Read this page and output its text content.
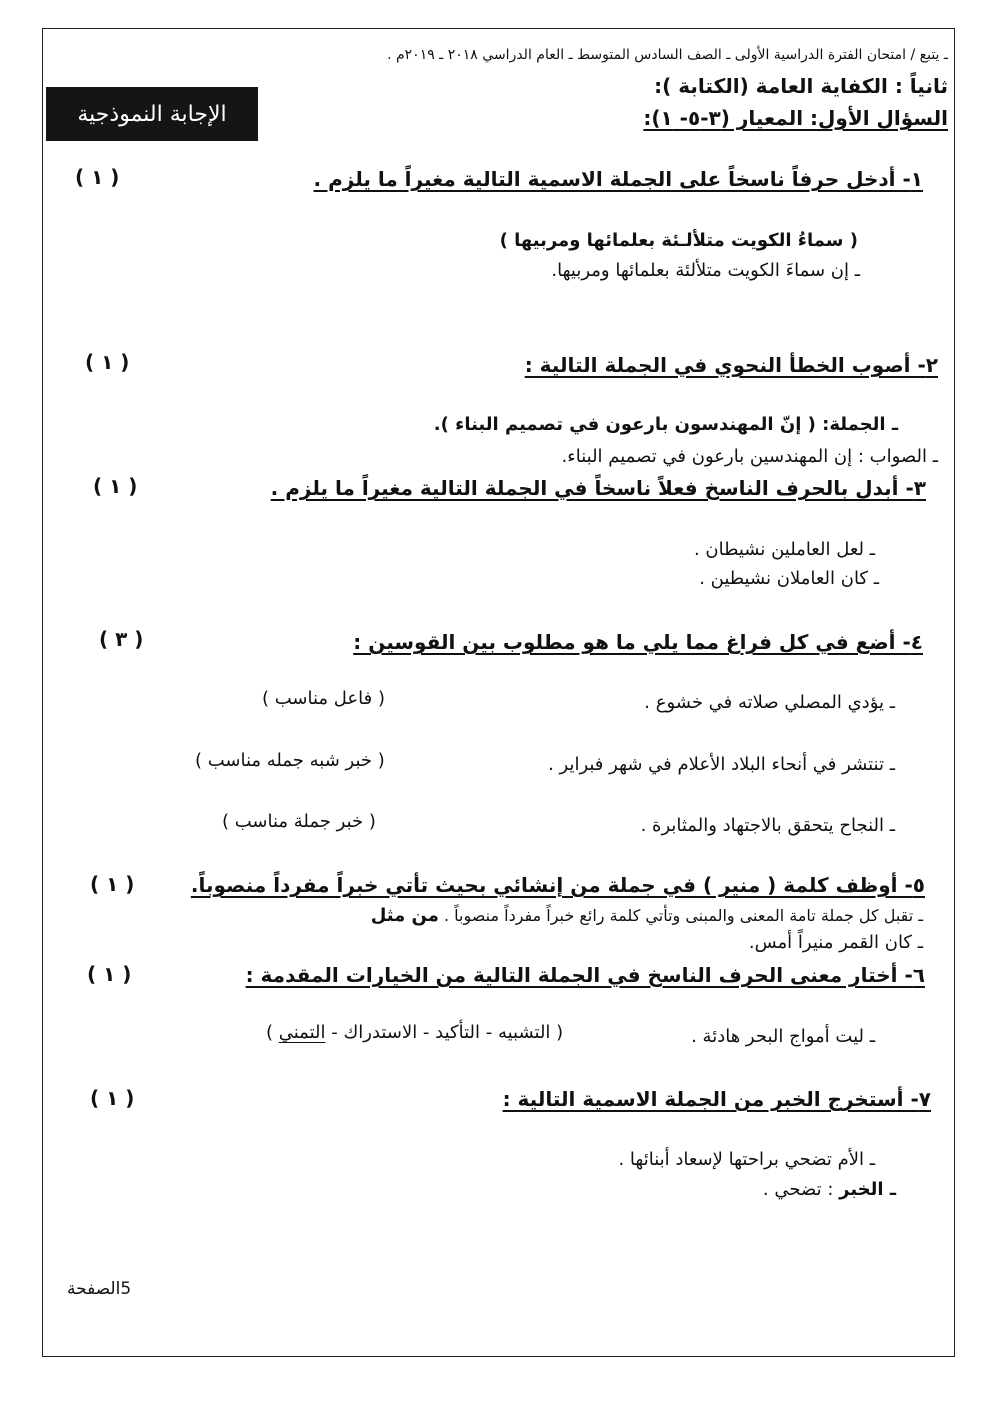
ـ يتبع / امتحان الفترة الدراسية الأولى ـ الصف السادس المتوسط ـ العام الدراسي ٢٠١٨ ـ ٢٠١٩م .
ثانياً : الكفاية العامة (الكتابة ):
السؤال الأول: المعيار (٣-٥- ١):
الإجابة النموذجية
( ١ )	١- أدخل حرفاً ناسخاً على الجملة الاسمية التالية مغيراً ما يلزم .
( سماءُ الكويت متلألـئة بعلمائها ومربيها )
ـ إن سماءَ الكويت متلألئة بعلمائها ومربيها.
( ١ )	٢- أصوب الخطأ النحوي في الجملة التالية :
ـ الجملة: ( إنّ المهندسون بارعون في تصميم البناء ).
ـ الصواب : إن المهندسين بارعون في تصميم البناء.
( ١ )	٣- أبدل بالحرف الناسخ فعلاً ناسخاً في الجملة التالية مغيراً ما يلزم .
ـ لعل العاملين نشيطان .
ـ كان العاملان نشيطين .
( ٣ )	٤- أضع في كل فراغ مما يلي ما هو مطلوب بين القوسين :
ـ يؤدي المصلي صلاته في خشوع .
( فاعل مناسب )
ـ تنتشر في أنحاء البلاد الأعلام في شهر فبراير .
( خبر شبه جمله مناسب )
ـ النجاح يتحقق بالاجتهاد والمثابرة .
( خبر جملة مناسب )
( ١ )	٥- أوظف كلمة ( منير ) في جملة من إنشائي بحيث تأتي خبراً مفرداً منصوباً.
ـ تقبل كل جملة تامة المعنى والمبنى وتأتي كلمة رائع خبراً مفرداً منصوباً . من مثل
ـ كان القمر منيراً أمس.
( ١ )	٦- أختار معنى الحرف الناسخ في الجملة التالية من الخيارات المقدمة :
ـ ليت أمواج البحر هادئة .
( التشبيه - التأكيد - الاستدراك - التمني )
( ١ )	٧- أستخرج الخبر من الجملة الاسمية التالية :
ـ الأم تضحي براحتها لإسعاد أبنائها .
ـ الخبر : تضحي .
5الصفحة
